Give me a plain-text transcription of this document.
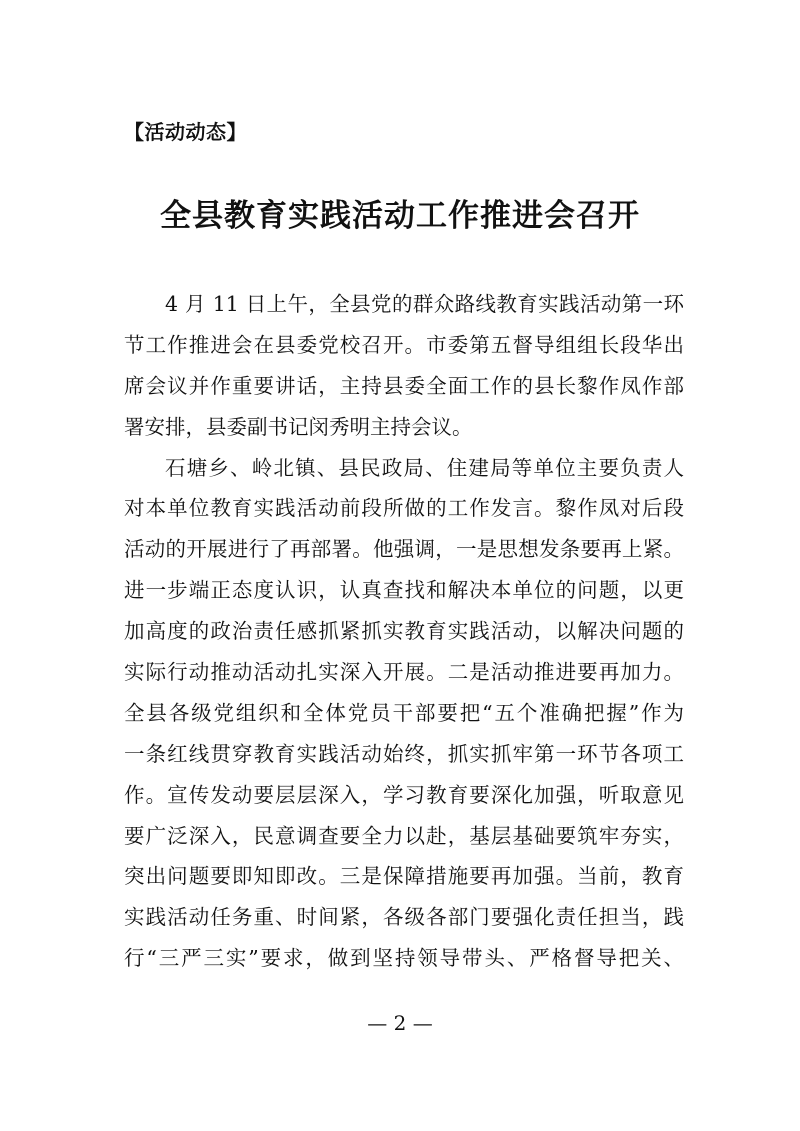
【活动动态】
全县教育实践活动工作推进会召开
4 月 11 日上午，全县党的群众路线教育实践活动第一环
节工作推进会在县委党校召开。市委第五督导组组长段华出
席会议并作重要讲话，主持县委全面工作的县长黎作凤作部
署安排，县委副书记闵秀明主持会议。
石塘乡、岭北镇、县民政局、住建局等单位主要负责人
对本单位教育实践活动前段所做的工作发言。黎作凤对后段
活动的开展进行了再部署。他强调，一是思想发条要再上紧。
进一步端正态度认识，认真查找和解决本单位的问题，以更
加高度的政治责任感抓紧抓实教育实践活动，以解决问题的
实际行动推动活动扎实深入开展。二是活动推进要再加力。
全县各级党组织和全体党员干部要把“五个准确把握”作为
一条红线贯穿教育实践活动始终，抓实抓牢第一环节各项工
作。宣传发动要层层深入，学习教育要深化加强，听取意见
要广泛深入，民意调查要全力以赴，基层基础要筑牢夯实，
突出问题要即知即改。三是保障措施要再加强。当前，教育
实践活动任务重、时间紧，各级各部门要强化责任担当，践
行“三严三实”要求，做到坚持领导带头、严格督导把关、
— 2 —
